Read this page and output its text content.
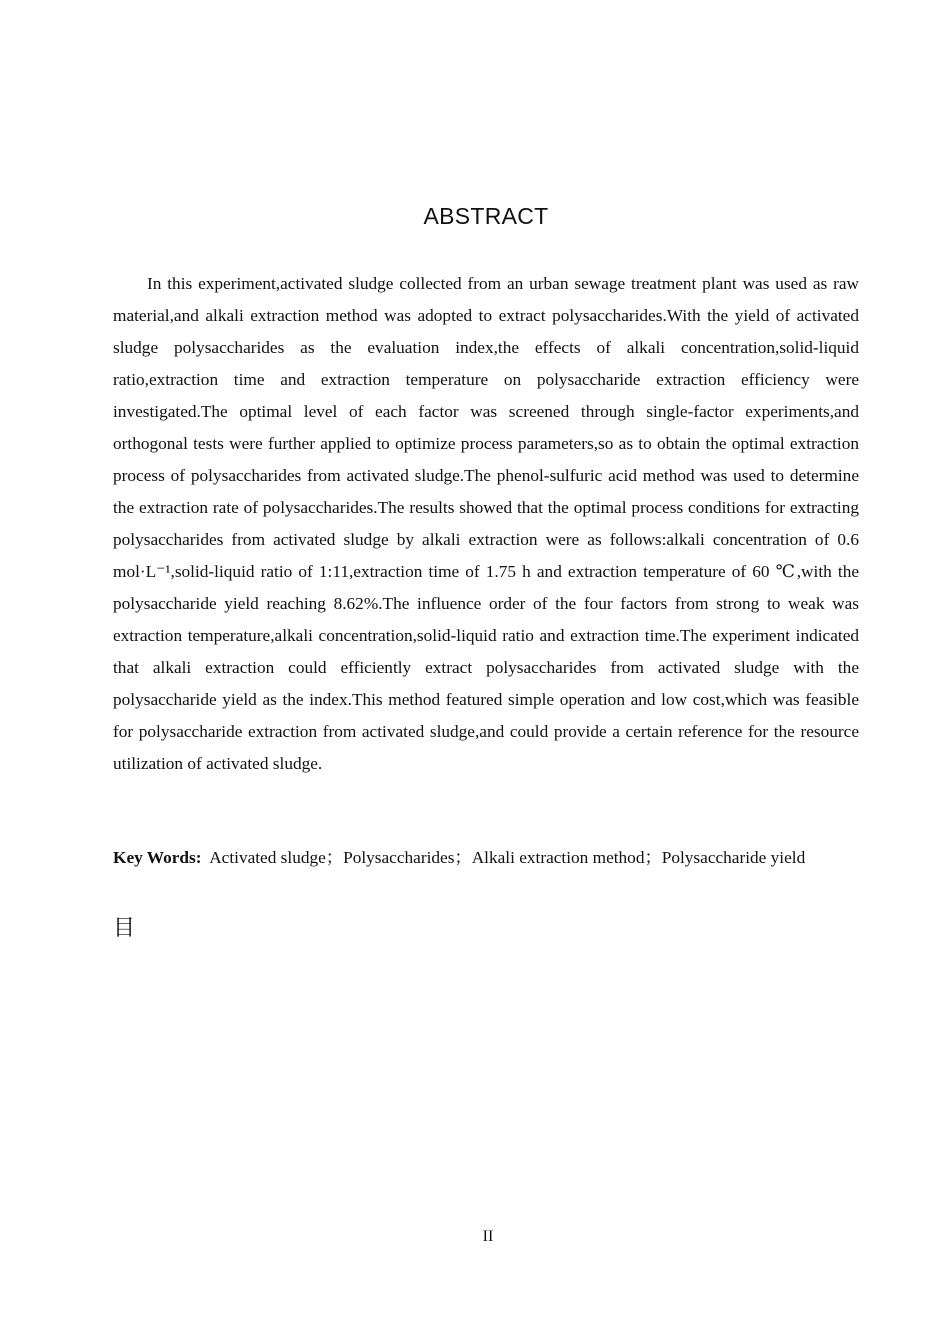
ABSTRACT

In this experiment,activated sludge collected from an urban sewage treatment plant was used as raw material,and alkali extraction method was adopted to extract polysaccharides.With the yield of activated sludge polysaccharides as the evaluation index,the effects of alkali concentration,solid-liquid ratio,extraction time and extraction temperature on polysaccharide extraction efficiency were investigated.The optimal level of each factor was screened through single-factor experiments,and orthogonal tests were further applied to optimize process parameters,so as to obtain the optimal extraction process of polysaccharides from activated sludge.The phenol-sulfuric acid method was used to determine the extraction rate of polysaccharides.The results showed that the optimal process conditions for extracting polysaccharides from activated sludge by alkali extraction were as follows:alkali concentration of 0.6 mol·L⁻¹,solid-liquid ratio of 1:11,extraction time of 1.75 h and extraction temperature of 60 ℃,with the polysaccharide yield reaching 8.62%.The influence order of the four factors from strong to weak was extraction temperature,alkali concentration,solid-liquid ratio and extraction time.The experiment indicated that alkali extraction could efficiently extract polysaccharides from activated sludge with the polysaccharide yield as the index.This method featured simple operation and low cost,which was feasible for polysaccharide extraction from activated sludge,and could provide a certain reference for the resource utilization of activated sludge.

Key Words: Activated sludge；Polysaccharides；Alkali extraction method；Polysaccharide yield

目
II
